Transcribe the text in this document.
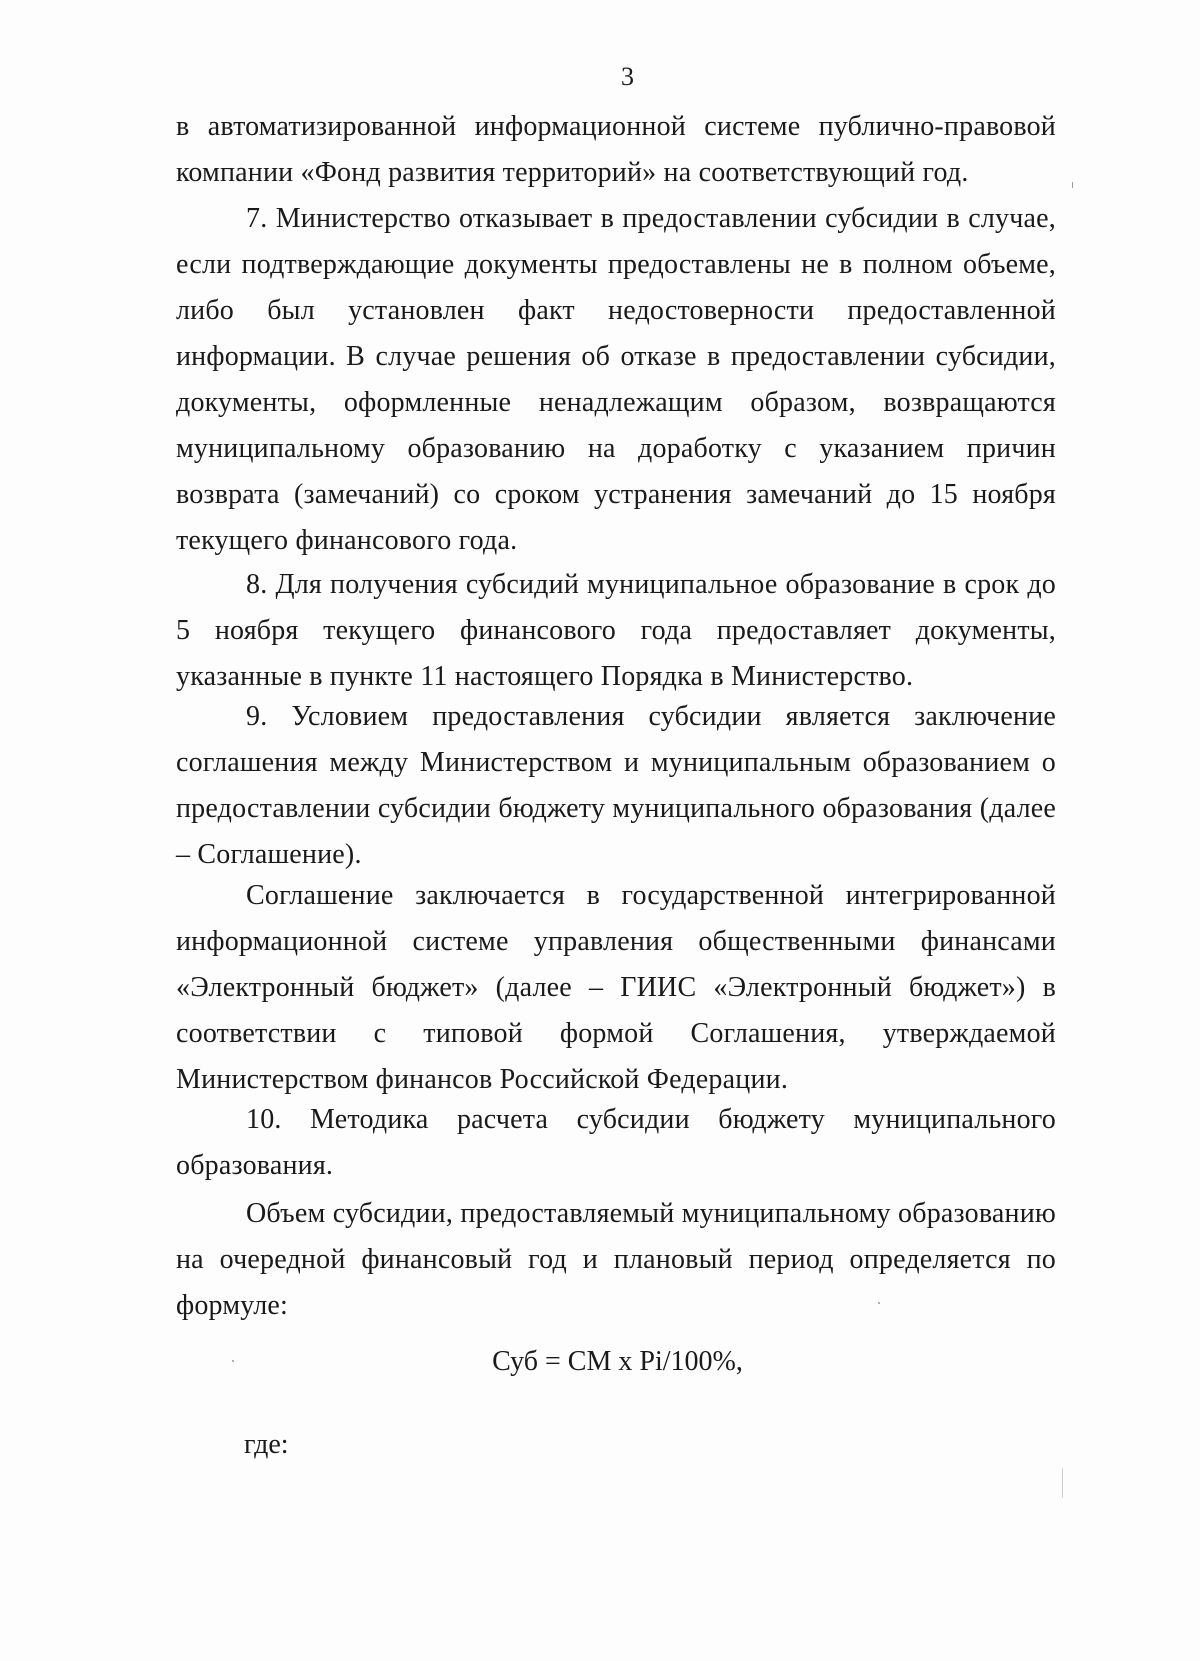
3

в автоматизированной информационной системе публично-правовой компании «Фонд развития территорий» на соответствующий год.

7. Министерство отказывает в предоставлении субсидии в случае, если подтверждающие документы предоставлены не в полном объеме, либо был установлен факт недостоверности предоставленной информации. В случае решения об отказе в предоставлении субсидии, документы, оформленные ненадлежащим образом, возвращаются муниципальному образованию на доработку с указанием причин возврата (замечаний) со сроком устранения замечаний до 15 ноября текущего финансового года.

8. Для получения субсидий муниципальное образование в срок до 5 ноября текущего финансового года предоставляет документы, указанные в пункте 11 настоящего Порядка в Министерство.

9. Условием предоставления субсидии является заключение соглашения между Министерством и муниципальным образованием о предоставлении субсидии бюджету муниципального образования (далее – Соглашение).

Соглашение заключается в государственной интегрированной информационной системе управления общественными финансами «Электронный бюджет» (далее – ГИИС «Электронный бюджет») в соответствии с типовой формой Соглашения, утверждаемой Министерством финансов Российской Федерации.

10. Методика расчета субсидии бюджету муниципального образования.

Объем субсидии, предоставляемый муниципальному образованию на очередной финансовый год и плановый период определяется по формуле:

Суб = СМ х Pi/100%,
где:
